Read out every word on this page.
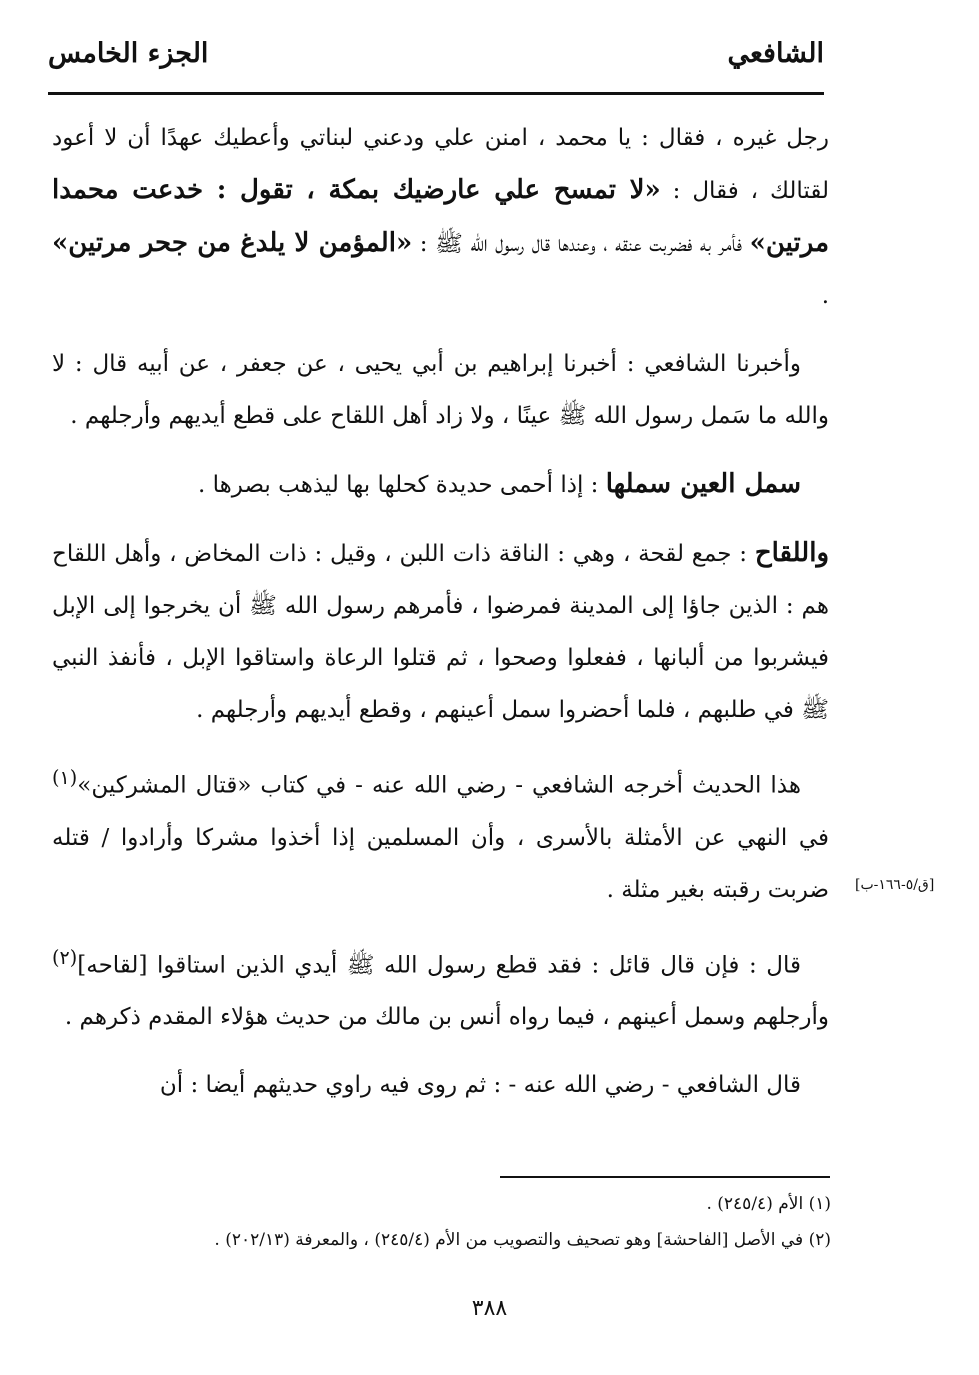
الشافعي
الجزء الخامس

رجل غيره ، فقال : يا محمد ، امنن علي ودعني لبناتي وأعطيك عهدًا أن لا أعود لقتالك ، فقال : «لا تمسح علي عارضيك بمكة ، تقول : خدعت محمدا مرتين» فأمر به فضربت عنقه ، وعندها قال رسول الله ﷺ : «المؤمن لا يلدغ من جحر مرتين» .

وأخبرنا الشافعي : أخبرنا إبراهيم بن أبي يحيى ، عن جعفر ، عن أبيه قال : لا والله ما سَمل رسول الله ﷺ عينًا ، ولا زاد أهل اللقاح على قطع أيديهم وأرجلهم .

سمل العين سملها : إذا أحمى حديدة كحلها بها ليذهب بصرها .

واللقاح : جمع لقحة ، وهي : الناقة ذات اللبن ، وقيل : ذات المخاض ، وأهل اللقاح هم : الذين جاؤا إلى المدينة فمرضوا ، فأمرهم رسول الله ﷺ أن يخرجوا إلى الإبل فيشربوا من ألبانها ، ففعلوا وصحوا ، ثم قتلوا الرعاة واستاقوا الإبل ، فأنفذ النبي ﷺ في طلبهم ، فلما أحضروا سمل أعينهم ، وقطع أيديهم وأرجلهم .

هذا الحديث أخرجه الشافعي - رضي الله عنه - في كتاب «قتال المشركين»$^{(١)}$ في النهي عن الأمثلة بالأسرى ، وأن المسلمين إذا أخذوا مشركا وأرادوا / قتله ضربت رقبته بغير مثلة .

قال : فإن قال قائل : فقد قطع رسول الله ﷺ أيدي الذين استاقوا [لقاحه]$^{(٢)}$ وأرجلهم وسمل أعينهم ، فيما رواه أنس بن مالك من حديث هؤلاء المقدم ذكرهم .

قال الشافعي - رضي الله عنه - : ثم روى فيه راوي حديثهم أيضا : أن

[ق/٥-١٦٦-ب]

(١) الأم (٢٤٥/٤) .

(٢) في الأصل [الفاحشة] وهو تصحيف والتصويب من الأم (٢٤٥/٤) ، والمعرفة (٢٠٢/١٣) .

٣٨٨
